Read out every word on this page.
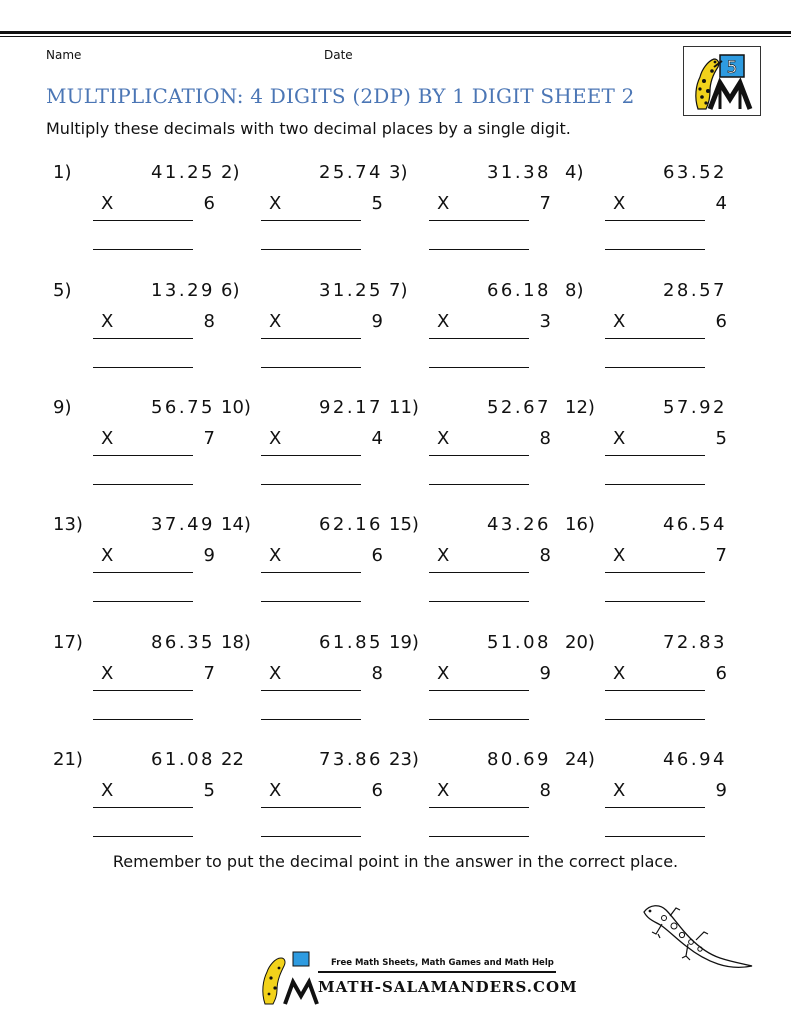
Name	Date
5
MULTIPLICATION: 4 DIGITS (2DP) BY 1 DIGIT SHEET 2
Multiply these decimals with two decimal places by a single digit.
1)	41.25
X	6
2)	25.74
X	5
3)	31.38
X	7
4)	63.52
X	4
5)	13.29
X	8
6)	31.25
X	9
7)	66.18
X	3
8)	28.57
X	6
9)	56.75
X	7
10)	92.17
X	4
11)	52.67
X	8
12)	57.92
X	5
13)	37.49
X	9
14)	62.16
X	6
15)	43.26
X	8
16)	46.54
X	7
17)	86.35
X	7
18)	61.85
X	8
19)	51.08
X	9
20)	72.83
X	6
21)	61.08
X	5
22	73.86
X	6
23)	80.69
X	8
24)	46.94
X	9
Remember to put the decimal point in the answer in the correct place.
Free Math Sheets, Math Games and Math Help
MATH-SALAMANDERS.COM
